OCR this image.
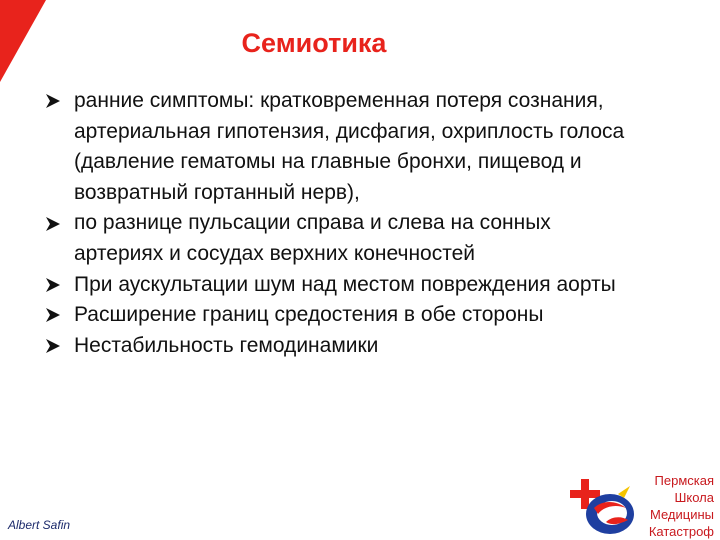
Семиотика
ранние симптомы: кратковременная потеря сознания, артериальная гипотензия, дисфагия, охриплость голоса (давление гематомы на главные бронхи, пищевод и возвратный гортанный нерв),
по разнице пульсации справа и слева на сонных артериях и сосудах верхних конечностей
При аускультации шум над местом повреждения аорты
Расширение границ средостения в обе стороны
Нестабильность гемодинамики
Albert Safin
Пермская
Школа
Медицины
Катастроф
